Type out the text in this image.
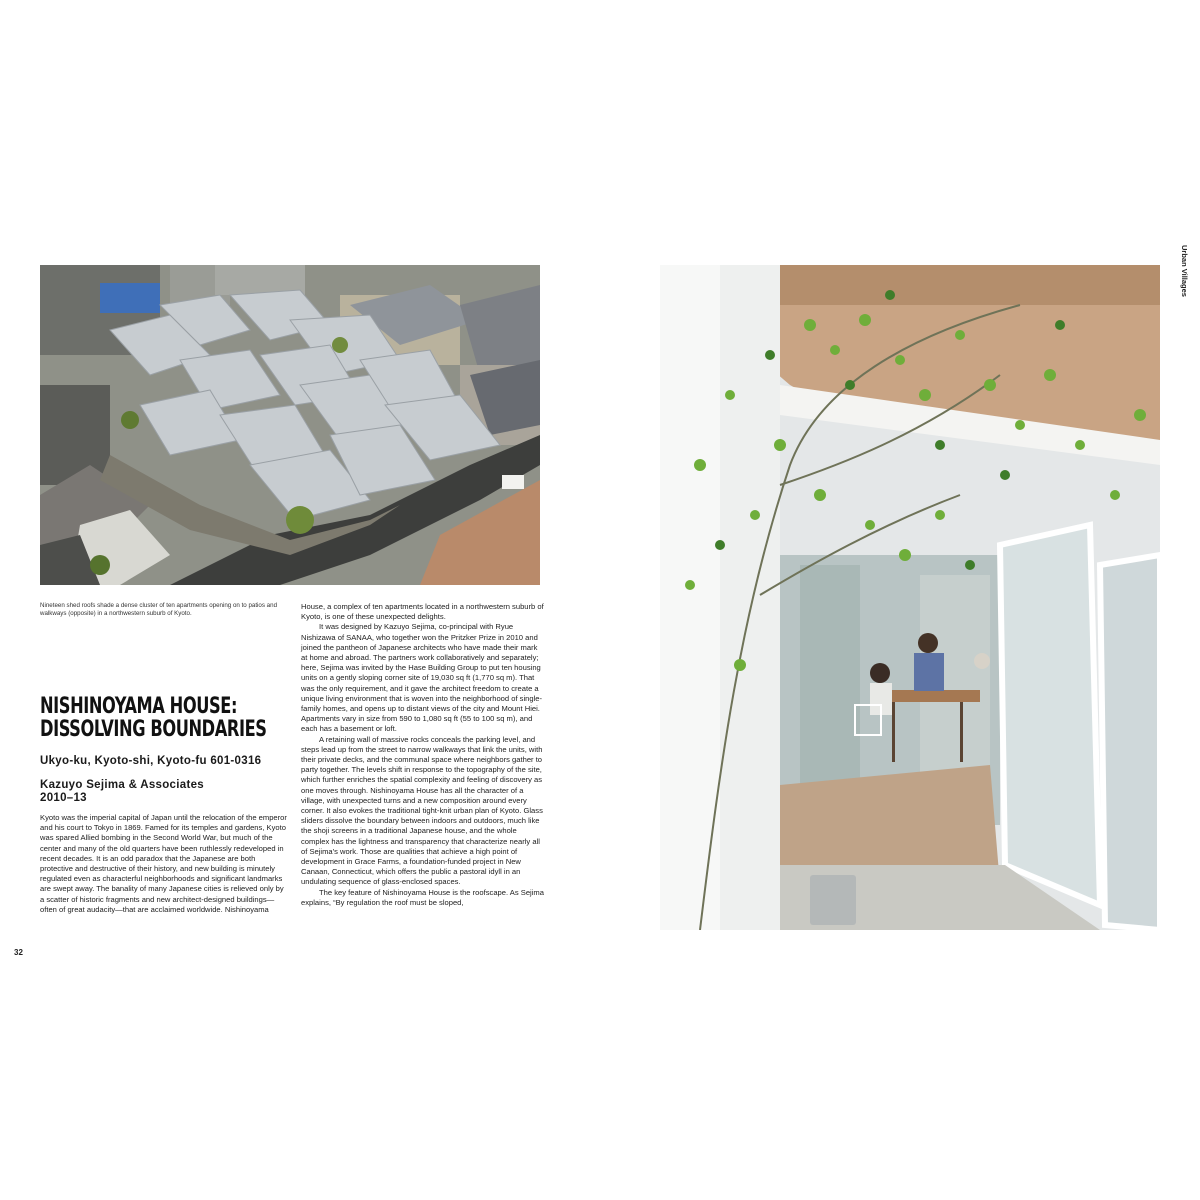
Urban Villages
Nineteen shed roofs shade a dense cluster of ten apartments opening on to patios and walkways (opposite) in a northwestern suburb of Kyoto.
NISHINOYAMA HOUSE:
DISSOLVING BOUNDARIES
Ukyo-ku, Kyoto-shi, Kyoto-fu 601-0316
Kazuyo Sejima & Associates
2010–13

Kyoto was the imperial capital of Japan until the relocation of the emperor and his court to Tokyo in 1869. Famed for its temples and gardens, Kyoto was spared Allied bombing in the Second World War, but much of the center and many of the old quarters have been ruthlessly redeveloped in recent decades. It is an odd paradox that the Japanese are both protective and destructive of their history, and new building is minutely regulated even as characterful neighborhoods and significant landmarks are swept away. The banality of many Japanese cities is relieved only by a scatter of historic fragments and new architect-designed buildings—often of great audacity—that are acclaimed worldwide. Nishinoyama

House, a complex of ten apartments located in a northwestern suburb of Kyoto, is one of these unexpected delights.

It was designed by Kazuyo Sejima, co-principal with Ryue Nishizawa of SANAA, who together won the Pritzker Prize in 2010 and joined the pantheon of Japanese architects who have made their mark at home and abroad. The partners work collaboratively and separately; here, Sejima was invited by the Hase Building Group to put ten housing units on a gently sloping corner site of 19,030 sq ft (1,770 sq m). That was the only requirement, and it gave the architect freedom to create a unique living environment that is woven into the neighborhood of single-family homes, and opens up to distant views of the city and Mount Hiei. Apartments vary in size from 590 to 1,080 sq ft (55 to 100 sq m), and each has a basement or loft.

A retaining wall of massive rocks conceals the parking level, and steps lead up from the street to narrow walkways that link the units, with their private decks, and the communal space where neighbors gather to party together. The levels shift in response to the topography of the site, which further enriches the spatial complexity and feeling of discovery as one moves through. Nishinoyama House has all the character of a village, with unexpected turns and a new composition around every corner. It also evokes the traditional tight-knit urban plan of Kyoto. Glass sliders dissolve the boundary between indoors and outdoors, much like the shoji screens in a traditional Japanese house, and the whole complex has the lightness and transparency that characterize nearly all of Sejima's work. Those are qualities that achieve a high point of development in Grace Farms, a foundation-funded project in New Canaan, Connecticut, which offers the public a pastoral idyll in an undulating sequence of glass-enclosed spaces.

The key feature of Nishinoyama House is the roofscape. As Sejima explains, “By regulation the roof must be sloped,

32
